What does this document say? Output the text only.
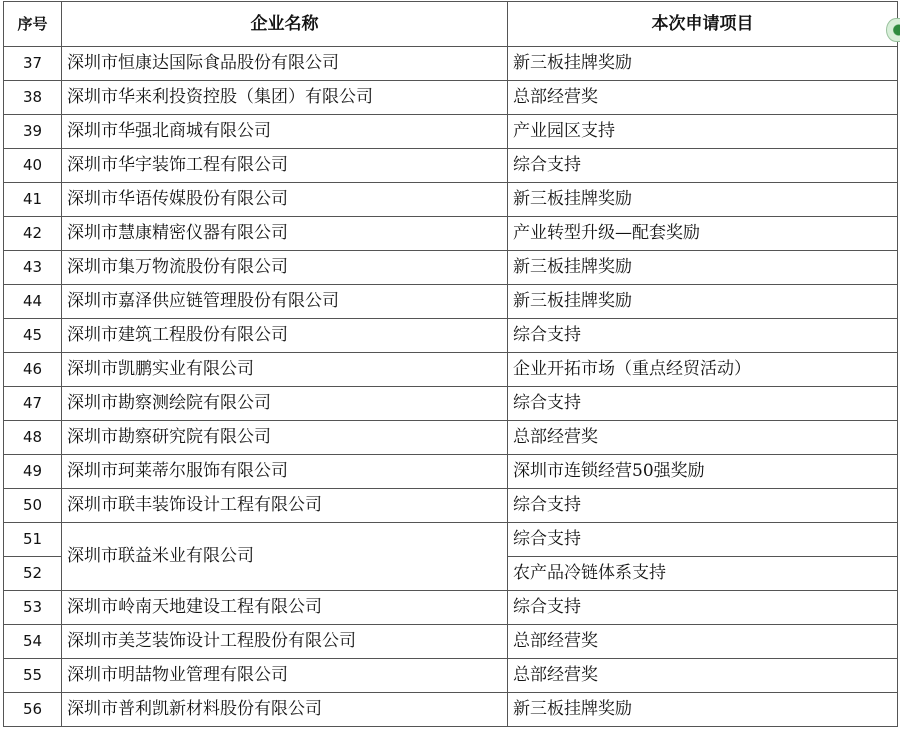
序号	企业名称	本次申请项目
37	深圳市恒康达国际食品股份有限公司	新三板挂牌奖励
38	深圳市华来利投资控股（集团）有限公司	总部经营奖
39	深圳市华强北商城有限公司	产业园区支持
40	深圳市华宇装饰工程有限公司	综合支持
41	深圳市华语传媒股份有限公司	新三板挂牌奖励
42	深圳市慧康精密仪器有限公司	产业转型升级—配套奖励
43	深圳市集万物流股份有限公司	新三板挂牌奖励
44	深圳市嘉泽供应链管理股份有限公司	新三板挂牌奖励
45	深圳市建筑工程股份有限公司	综合支持
46	深圳市凯鹏实业有限公司	企业开拓市场（重点经贸活动）
47	深圳市勘察测绘院有限公司	综合支持
48	深圳市勘察研究院有限公司	总部经营奖
49	深圳市珂莱蒂尔服饰有限公司	深圳市连锁经营50强奖励
50	深圳市联丰装饰设计工程有限公司	综合支持
51	深圳市联益米业有限公司	综合支持
52		农产品冷链体系支持
53	深圳市岭南天地建设工程有限公司	综合支持
54	深圳市美芝装饰设计工程股份有限公司	总部经营奖
55	深圳市明喆物业管理有限公司	总部经营奖
56	深圳市普利凯新材料股份有限公司	新三板挂牌奖励
